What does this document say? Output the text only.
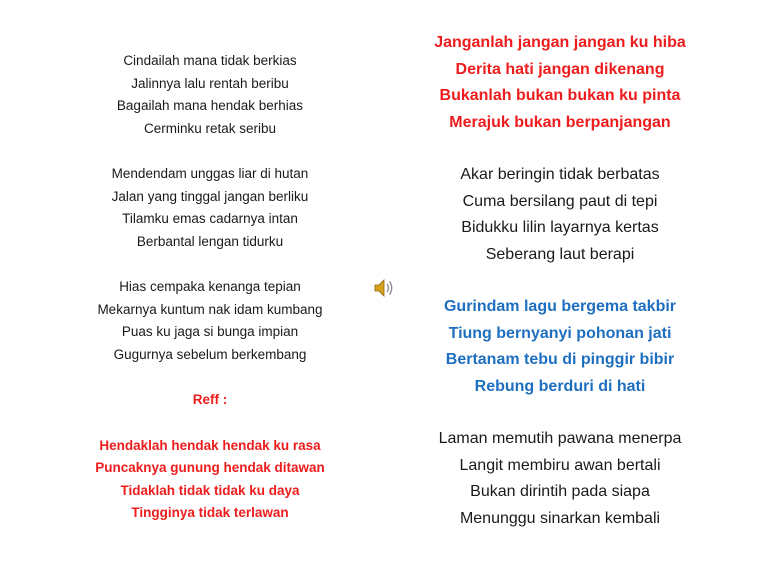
Cindailah mana tidak berkias
Jalinnya lalu rentah beribu
Bagailah mana hendak berhias
Cerminku retak seribu
Mendendam unggas liar di hutan
Jalan yang tinggal jangan berliku
Tilamku emas cadarnya intan
Berbantal lengan tidurku
Hias cempaka kenanga tepian
Mekarnya kuntum nak idam kumbang
Puas ku jaga si bunga impian
Gugurnya sebelum berkembang
Reff :
Hendaklah hendak hendak ku rasa
Puncaknya gunung hendak ditawan
Tidaklah tidak tidak ku daya
Tingginya tidak terlawan
Janganlah jangan jangan ku hiba
Derita hati jangan dikenang
Bukanlah bukan bukan ku pinta
Merajuk bukan berpanjangan
Akar beringin tidak berbatas
Cuma bersilang paut di tepi
Bidukku lilin layarnya kertas
Seberang laut berapi
Gurindam lagu bergema takbir
Tiung bernyanyi pohonan jati
Bertanam tebu di pinggir bibir
Rebung berduri di hati
Laman memutih pawana menerpa
Langit membiru awan bertali
Bukan dirintih pada siapa
Menunggu sinarkan kembali
